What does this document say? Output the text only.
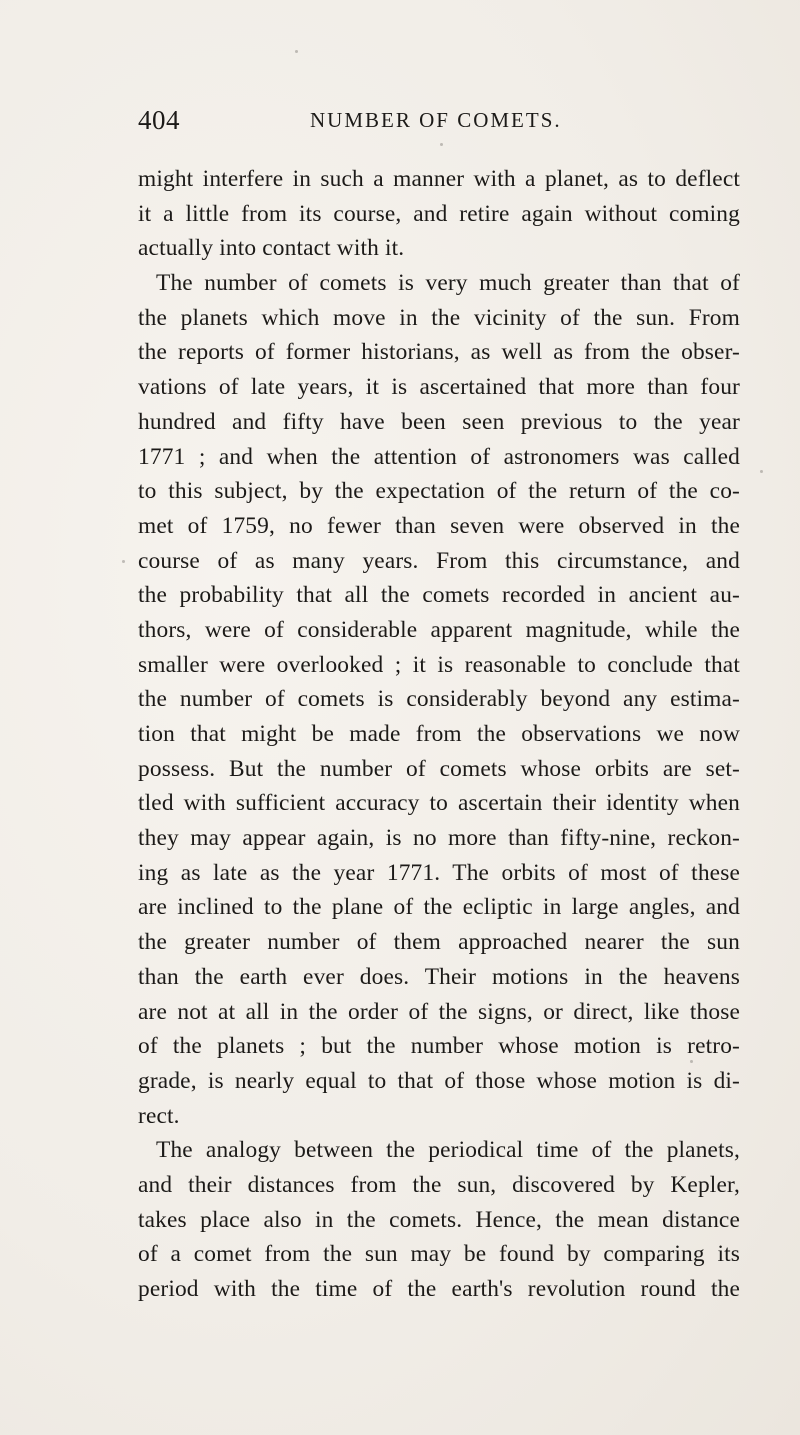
404	NUMBER OF COMETS.
might interfere in such a manner with a planet, as to deflect
it a little from its course, and retire again without coming
actually into contact with it.
The number of comets is very much greater than that of
the planets which move in the vicinity of the sun. From
the reports of former historians, as well as from the obser-
vations of late years, it is ascertained that more than four
hundred and fifty have been seen previous to the year
1771 ; and when the attention of astronomers was called
to this subject, by the expectation of the return of the co-
met of 1759, no fewer than seven were observed in the
course of as many years. From this circumstance, and
the probability that all the comets recorded in ancient au-
thors, were of considerable apparent magnitude, while the
smaller were overlooked ; it is reasonable to conclude that
the number of comets is considerably beyond any estima-
tion that might be made from the observations we now
possess. But the number of comets whose orbits are set-
tled with sufficient accuracy to ascertain their identity when
they may appear again, is no more than fifty-nine, reckon-
ing as late as the year 1771. The orbits of most of these
are inclined to the plane of the ecliptic in large angles, and
the greater number of them approached nearer the sun
than the earth ever does. Their motions in the heavens
are not at all in the order of the signs, or direct, like those
of the planets ; but the number whose motion is retro-
grade, is nearly equal to that of those whose motion is di-
rect.
The analogy between the periodical time of the planets,
and their distances from the sun, discovered by Kepler,
takes place also in the comets. Hence, the mean distance
of a comet from the sun may be found by comparing its
period with the time of the earth's revolution round the
